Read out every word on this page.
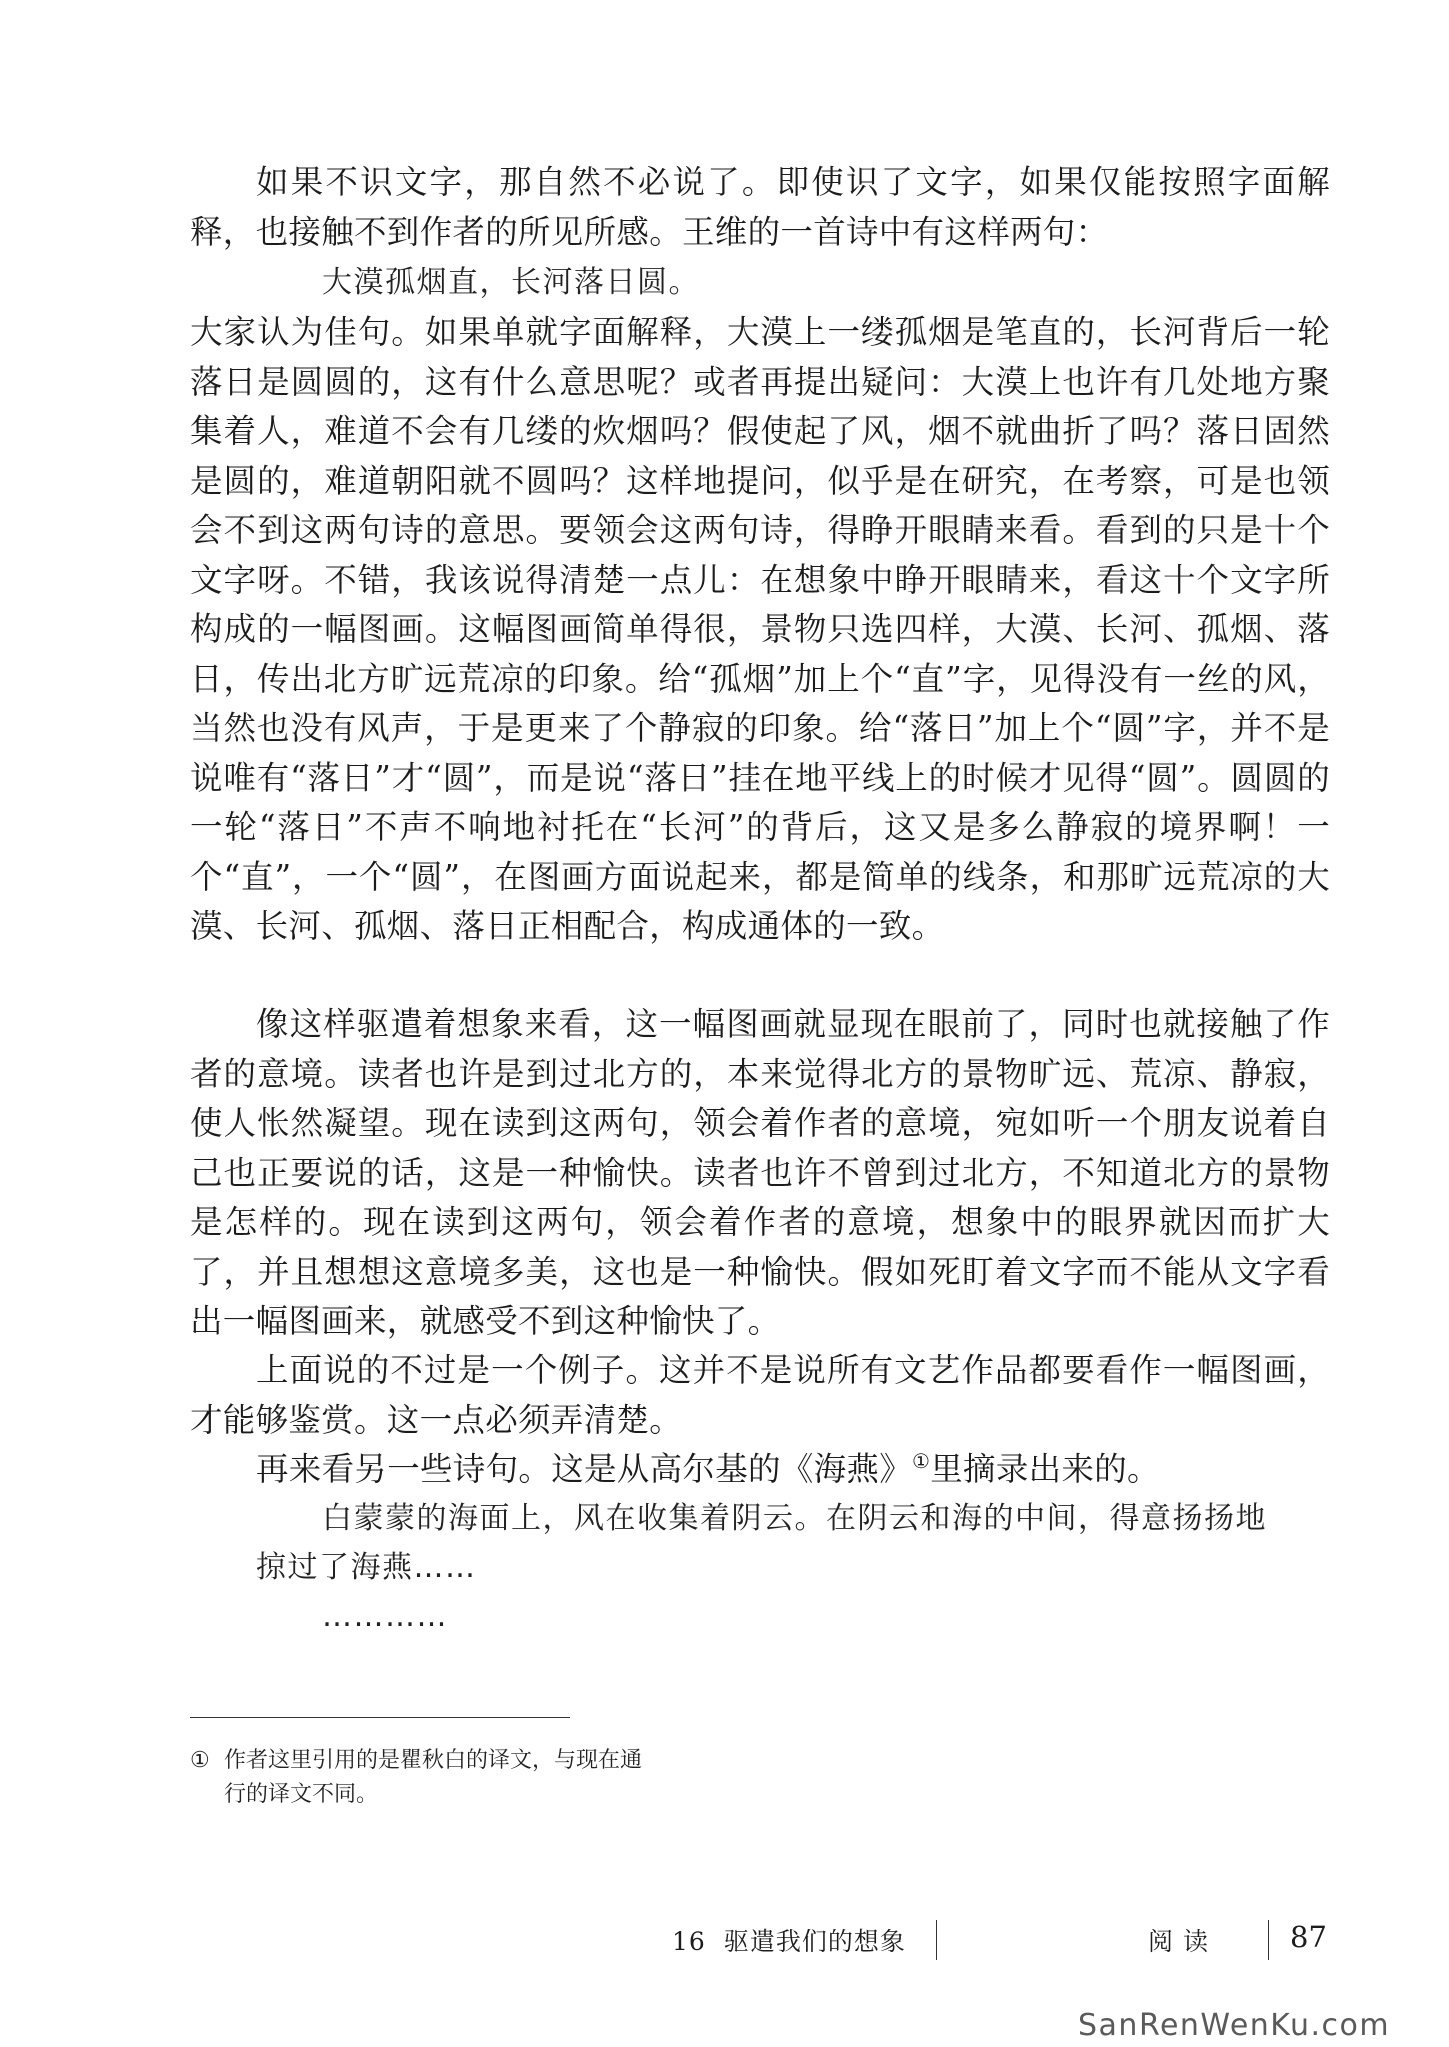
如果不识文字，那自然不必说了。即使识了文字，如果仅能按照字面解释，也接触不到作者的所见所感。王维的一首诗中有这样两句：

大漠孤烟直，长河落日圆。

大家认为佳句。如果单就字面解释，大漠上一缕孤烟是笔直的，长河背后一轮落日是圆圆的，这有什么意思呢？或者再提出疑问：大漠上也许有几处地方聚集着人，难道不会有几缕的炊烟吗？假使起了风，烟不就曲折了吗？落日固然是圆的，难道朝阳就不圆吗？这样地提问，似乎是在研究，在考察，可是也领会不到这两句诗的意思。要领会这两句诗，得睁开眼睛来看。看到的只是十个文字呀。不错，我该说得清楚一点儿：在想象中睁开眼睛来，看这十个文字所构成的一幅图画。这幅图画简单得很，景物只选四样，大漠、长河、孤烟、落日，传出北方旷远荒凉的印象。给“孤烟”加上个“直”字，见得没有一丝的风，当然也没有风声，于是更来了个静寂的印象。给“落日”加上个“圆”字，并不是说唯有“落日”才“圆”，而是说“落日”挂在地平线上的时候才见得“圆”。圆圆的一轮“落日”不声不响地衬托在“长河”的背后，这又是多么静寂的境界啊！一个“直”，一个“圆”，在图画方面说起来，都是简单的线条，和那旷远荒凉的大漠、长河、孤烟、落日正相配合，构成通体的一致。

像这样驱遣着想象来看，这一幅图画就显现在眼前了，同时也就接触了作者的意境。读者也许是到过北方的，本来觉得北方的景物旷远、荒凉、静寂，使人怅然凝望。现在读到这两句，领会着作者的意境，宛如听一个朋友说着自己也正要说的话，这是一种愉快。读者也许不曾到过北方，不知道北方的景物是怎样的。现在读到这两句，领会着作者的意境，想象中的眼界就因而扩大了，并且想想这意境多美，这也是一种愉快。假如死盯着文字而不能从文字看出一幅图画来，就感受不到这种愉快了。

上面说的不过是一个例子。这并不是说所有文艺作品都要看作一幅图画，才能够鉴赏。这一点必须弄清楚。

再来看另一些诗句。这是从高尔基的《海燕》①里摘录出来的。

白蒙蒙的海面上，风在收集着阴云。在阴云和海的中间，得意扬扬地
掠过了海燕……
…………
① 作者这里引用的是瞿秋白的译文，与现在通
行的译文不同。
16 驱遣我们的想象	阅读 87
SanRenWenKu.com
